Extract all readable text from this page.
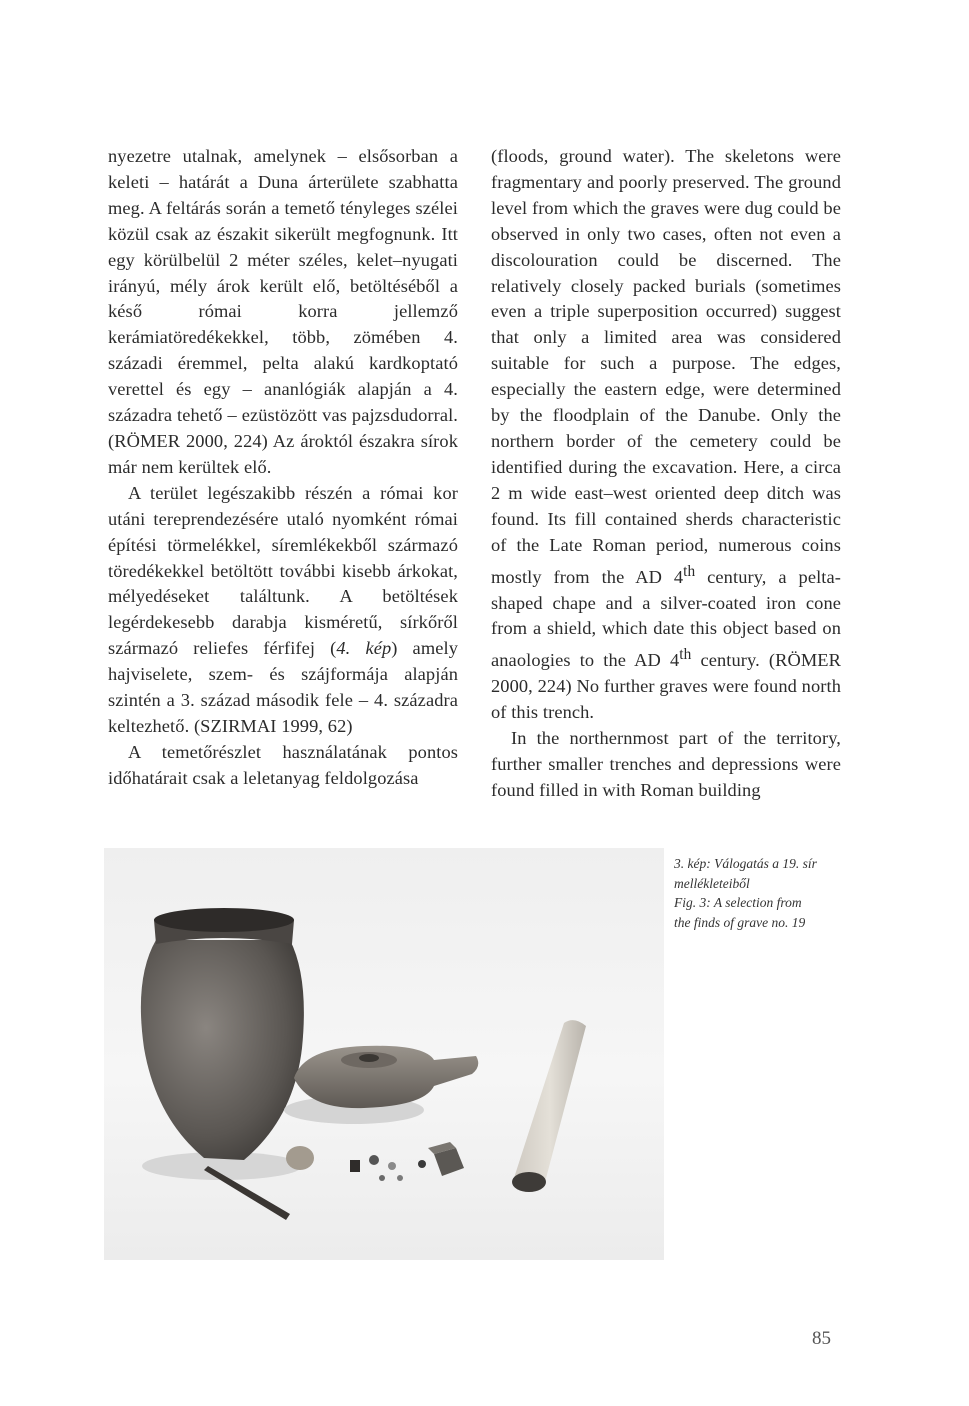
nyezetre utalnak, amelynek – elsősorban a keleti – határát a Duna árterülete szabhatta meg. A feltárás során a temető tényleges szélei közül csak az északit sikerült megfognunk. Itt egy körülbelül 2 méter széles, kelet–nyugati irányú, mély árok került elő, betöltéséből a késő római korra jellemző kerámiatöredékekkel, több, zömében 4. századi éremmel, pelta alakú kardkoptató verettel és egy – ananlógiák alapján a 4. századra tehető – ezüstözött vas pajzsdudorral. (RÖMER 2000, 224) Az ároktól északra sírok már nem kerültek elő.

A terület legészakibb részén a római kor utáni tereprendezésére utaló nyomként római építési törmelékkel, síremlékekből származó töredékekkel betöltött további kisebb árkokat, mélyedéseket találtunk. A betöltések legérdekesebb darabja kisméretű, sírkőről származó reliefes férfifej (4. kép) amely hajviselete, szem- és szájformája alapján szintén a 3. század második fele – 4. századra keltezhető. (SZIRMAI 1999, 62)

A temetőrészlet használatának pontos időhatárait csak a leletanyag feldolgozása

(floods, ground water). The skeletons were fragmentary and poorly preserved. The ground level from which the graves were dug could be observed in only two cases, often not even a discolouration could be discerned. The relatively closely packed burials (sometimes even a triple superposition occurred) suggest that only a limited area was considered suitable for such a purpose. The edges, especially the eastern edge, were determined by the floodplain of the Danube. Only the northern border of the cemetery could be identified during the excavation. Here, a circa 2 m wide east–west oriented deep ditch was found. Its fill contained sherds characteristic of the Late Roman period, numerous coins mostly from the AD 4th century, a pelta-shaped chape and a silver-coated iron cone from a shield, which date this object based on anaologies to the AD 4th century. (RÖMER 2000, 224) No further graves were found north of this trench.

In the northernmost part of the territory, further smaller trenches and depressions were found filled in with Roman building

3. kép: Válogatás a 19. sír
mellékleteiből
Fig. 3: A selection from
the finds of grave no. 19
85
